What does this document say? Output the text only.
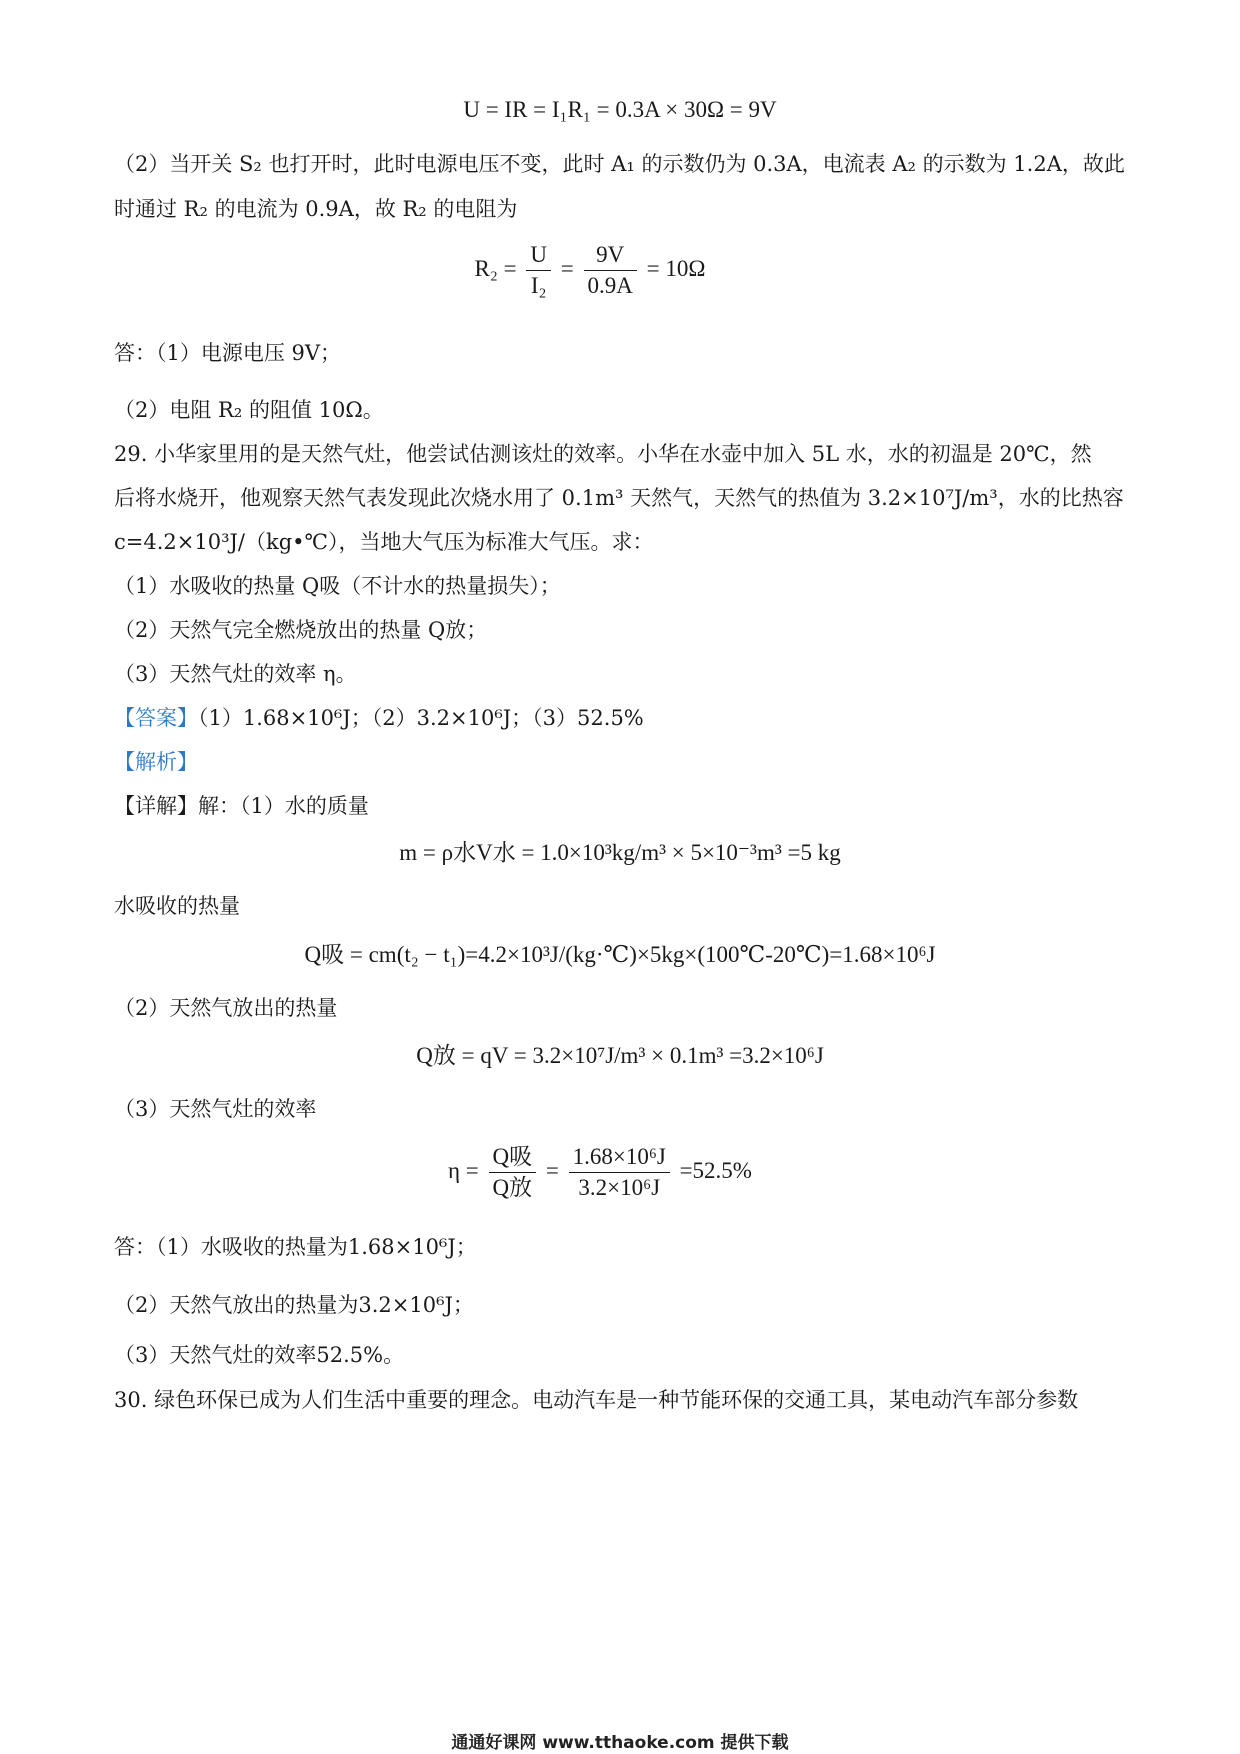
U = IR = I₁R₁ = 0.3A × 30Ω = 9V
（2）当开关 S₂ 也打开时，此时电源电压不变，此时 A₁ 的示数仍为 0.3A，电流表 A₂ 的示数为 1.2A，故此
时通过 R₂ 的电流为 0.9A，故 R₂ 的电阻为
$R_2 = \frac{U}{\text{I₂}} = \frac{9V}{0.9A} = 10\Omega$
答：（1）电源电压 9V；
（2）电阻 R₂ 的阻值 10Ω。
29. 小华家里用的是天然气灶，他尝试估测该灶的效率。小华在水壶中加入 5L 水，水的初温是 20℃，然
后将水烧开，他观察天然气表发现此次烧水用了 0.1m³ 天然气，天然气的热值为 3.2×10⁷J/m³，水的比热容
c=4.2×10³J/（kg•℃），当地大气压为标准大气压。求：
（1）水吸收的热量 Q吸（不计水的热量损失）；
（2）天然气完全燃烧放出的热量 Q放；
（3）天然气灶的效率 η。
【答案】（1）1.68×10⁶J；（2）3.2×10⁶J；（3）52.5%
【解析】
【详解】解：（1）水的质量
m = ρ水V水 = 1.0×10³kg/m³ × 5×10⁻³m³ =5 kg
水吸收的热量
Q吸 = cm(t₂ − t₁)=4.2×10³J/(kg·℃)×5kg×(100℃-20℃)=1.68×10⁶J
（2）天然气放出的热量
Q放 = qV = 3.2×10⁷J/m³ × 0.1m³ =3.2×10⁶J
（3）天然气灶的效率
$\eta = \frac{\text{Q吸}}{\text{Q放}} = \frac{\text{1.68×10⁶J}}{\text{3.2×10⁶J}} =52.5\%$
答：（1）水吸收的热量为1.68×10⁶J；
（2）天然气放出的热量为3.2×10⁶J；
（3）天然气灶的效率52.5%。
30. 绿色环保已成为人们生活中重要的理念。电动汽车是一种节能环保的交通工具，某电动汽车部分参数
通通好课网 www.tthaoke.com 提供下载
